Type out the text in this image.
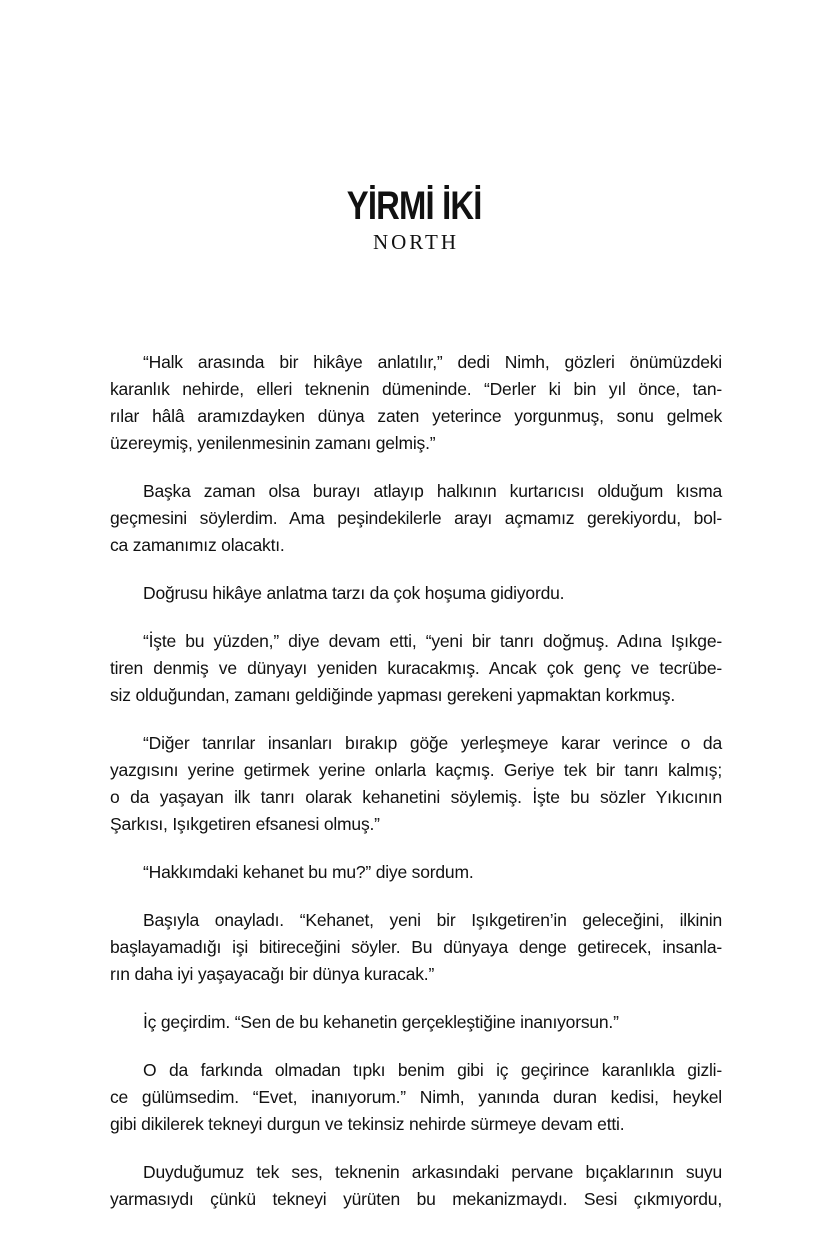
YİRMİ İKİ
NORTH
“Halk arasında bir hikâye anlatılır,” dedi Nimh, gözleri önümüzdeki
karanlık nehirde, elleri teknenin dümeninde. “Derler ki bin yıl önce, tan-
rılar hâlâ aramızdayken dünya zaten yeterince yorgunmuş, sonu gelmek
üzereymiş, yenilenmesinin zamanı gelmiş.”
Başka zaman olsa burayı atlayıp halkının kurtarıcısı olduğum kısma
geçmesini söylerdim. Ama peşindekilerle arayı açmamız gerekiyordu, bol-
ca zamanımız olacaktı.
Doğrusu hikâye anlatma tarzı da çok hoşuma gidiyordu.
“İşte bu yüzden,” diye devam etti, “yeni bir tanrı doğmuş. Adına Işıkge-
tiren denmiş ve dünyayı yeniden kuracakmış. Ancak çok genç ve tecrübe-
siz olduğundan, zamanı geldiğinde yapması gerekeni yapmaktan korkmuş.
“Diğer tanrılar insanları bırakıp göğe yerleşmeye karar verince o da
yazgısını yerine getirmek yerine onlarla kaçmış. Geriye tek bir tanrı kalmış;
o da yaşayan ilk tanrı olarak kehanetini söylemiş. İşte bu sözler Yıkıcının
Şarkısı, Işıkgetiren efsanesi olmuş.”
“Hakkımdaki kehanet bu mu?” diye sordum.
Başıyla onayladı. “Kehanet, yeni bir Işıkgetiren’in geleceğini, ilkinin
başlayamadığı işi bitireceğini söyler. Bu dünyaya denge getirecek, insanla-
rın daha iyi yaşayacağı bir dünya kuracak.”
İç geçirdim. “Sen de bu kehanetin gerçekleştiğine inanıyorsun.”
O da farkında olmadan tıpkı benim gibi iç geçirince karanlıkla gizli-
ce gülümsedim. “Evet, inanıyorum.” Nimh, yanında duran kedisi, heykel
gibi dikilerek tekneyi durgun ve tekinsiz nehirde sürmeye devam etti.
Duyduğumuz tek ses, teknenin arkasındaki pervane bıçaklarının suyu
yarmasıydı çünkü tekneyi yürüten bu mekanizmaydı. Sesi çıkmıyordu,
